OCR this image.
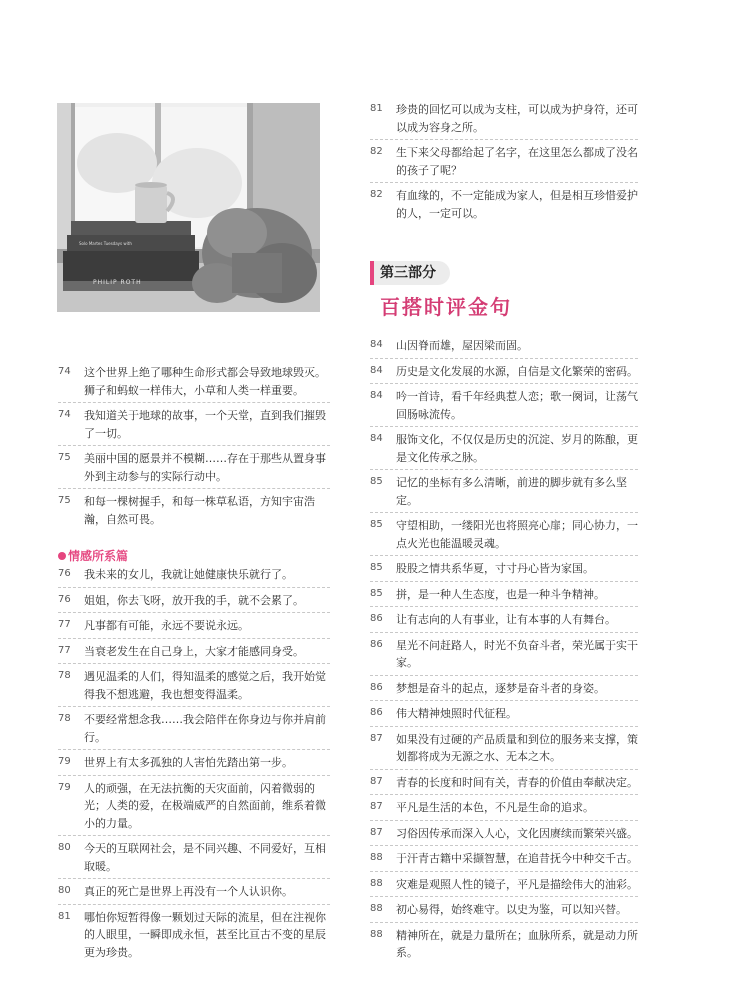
Solo Martes Tuesdays with
PHILIP ROTH
74	这个世界上绝了哪种生命形式都会导致地球毁灭。狮子和蚂蚁一样伟大，小草和人类一样重要。
74	我知道关于地球的故事，一个天堂，直到我们摧毁了一切。
75	美丽中国的愿景并不模糊……存在于那些从置身事外到主动参与的实际行动中。
75	和每一棵树握手，和每一株草私语，方知宇宙浩瀚，自然可畏。
情感所系篇
76	我未来的女儿，我就让她健康快乐就行了。
76	姐姐，你去飞呀，放开我的手，就不会累了。
77	凡事都有可能，永远不要说永远。
77	当衰老发生在自己身上，大家才能感同身受。
78	遇见温柔的人们，得知温柔的感觉之后，我开始觉得我不想逃避，我也想变得温柔。
78	不要经常想念我……我会陪伴在你身边与你并肩前行。
79	世界上有太多孤独的人害怕先踏出第一步。
79	人的顽强，在无法抗衡的天灾面前，闪着微弱的光；人类的爱，在极端威严的自然面前，维系着微小的力量。
80	今天的互联网社会，是不同兴趣、不同爱好，互相取暖。
80	真正的死亡是世界上再没有一个人认识你。
81	哪怕你短暂得像一颗划过天际的流星，但在注视你的人眼里，一瞬即成永恒，甚至比亘古不变的星辰更为珍贵。
81	珍贵的回忆可以成为支柱，可以成为护身符，还可以成为容身之所。
82	生下来父母都给起了名字，在这里怎么都成了没名的孩子了呢？
82	有血缘的，不一定能成为家人，但是相互珍惜爱护的人，一定可以。
第三部分
百搭时评金句
84	山因脊而雄，屋因梁而固。
84	历史是文化发展的水源，自信是文化繁荣的密码。
84	吟一首诗，看千年经典惹人恋；歌一阕词，让荡气回肠咏流传。
84	服饰文化，不仅仅是历史的沉淀、岁月的陈酿，更是文化传承之脉。
85	记忆的坐标有多么清晰，前进的脚步就有多么坚定。
85	守望相助，一缕阳光也将照亮心扉；同心协力，一点火光也能温暖灵魂。
85	股股之情共系华夏，寸寸丹心皆为家国。
85	拼，是一种人生态度，也是一种斗争精神。
86	让有志向的人有事业，让有本事的人有舞台。
86	星光不问赶路人，时光不负奋斗者，荣光属于实干家。
86	梦想是奋斗的起点，逐梦是奋斗者的身姿。
86	伟大精神烛照时代征程。
87	如果没有过硬的产品质量和到位的服务来支撑，策划都将成为无源之水、无本之木。
87	青春的长度和时间有关，青春的价值由奉献决定。
87	平凡是生活的本色，不凡是生命的追求。
87	习俗因传承而深入人心，文化因赓续而繁荣兴盛。
88	于汗青古籍中采撷智慧，在追昔抚今中种交千古。
88	灾难是观照人性的镜子，平凡是描绘伟大的油彩。
88	初心易得，始终难守。以史为鉴，可以知兴替。
88	精神所在，就是力量所在；血脉所系，就是动力所系。
